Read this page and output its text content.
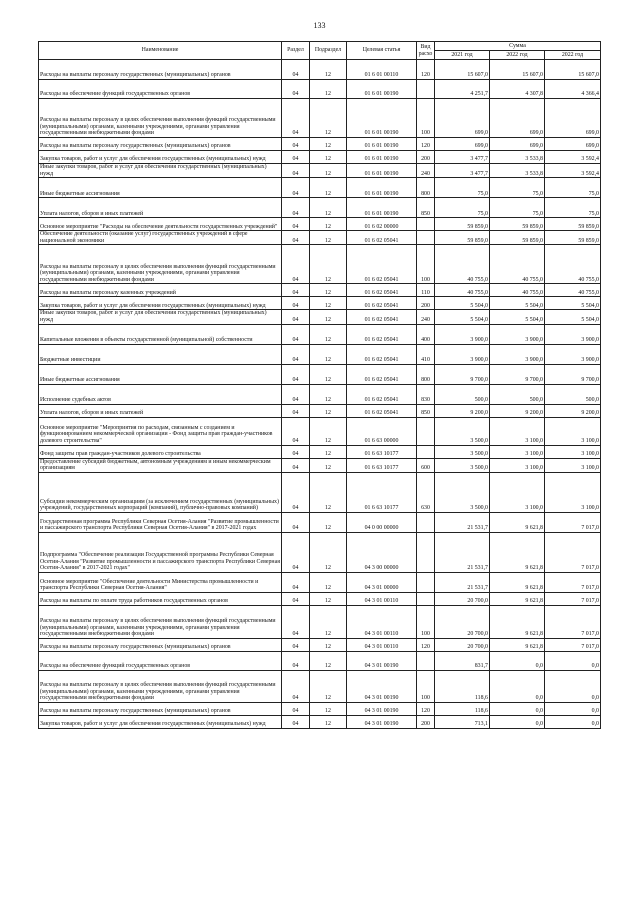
133
Наименование	Раздел	Подраздел	Целевая статья	Вид расхо	Сумма		
					2021 год	2022 год	2022 год
Расходы на выплаты персоналу государственных (муниципальных) органов	04	12	01 6 01 00110	120	15 607,0	15 607,0	15 607,0
Расходы на обеспечение функций государственных органов	04	12	01 6 01 00190		4 251,7	4 307,8	4 366,4
Расходы на выплаты персоналу в целях обеспечения выполнения функций государственными (муниципальными) органами, казенными учреждениями, органами управления государственными внебюджетными фондами	04	12	01 6 01 00190	100	699,0	699,0	699,0
Расходы на выплаты персоналу государственных (муниципальных) органов	04	12	01 6 01 00190	120	699,0	699,0	699,0
Закупка товаров, работ и услуг для обеспечения государственных (муниципальных) нужд	04	12	01 6 01 00190	200	3 477,7	3 533,8	3 592,4
Иные закупки товаров, работ и услуг для обеспечения государственных (муниципальных) нужд	04	12	01 6 01 00190	240	3 477,7	3 533,8	3 592,4
Иные бюджетные ассигнования	04	12	01 6 01 00190	800	75,0	75,0	75,0
Уплата налогов, сборов и иных платежей	04	12	01 6 01 00190	850	75,0	75,0	75,0
Основное мероприятие "Расходы на обеспечение деятельности государственных учреждений"	04	12	01 6 02 00000		59 859,0	59 859,0	59 859,0
Обеспечение деятельности (оказание услуг) государственных учреждений в сфере национальной экономики	04	12	01 6 02 05041		59 859,0	59 859,0	59 859,0
Расходы на выплаты персоналу в целях обеспечения выполнения функций государственными (муниципальными) органами, казенными учреждениями, органами управления государственными внебюджетными фондами	04	12	01 6 02 05041	100	40 755,0	40 755,0	40 755,0
Расходы на выплаты персоналу казенных учреждений	04	12	01 6 02 05041	110	40 755,0	40 755,0	40 755,0
Закупка товаров, работ и услуг для обеспечения государственных (муниципальных) нужд	04	12	01 6 02 05041	200	5 504,0	5 504,0	5 504,0
Иные закупки товаров, работ и услуг для обеспечения государственных (муниципальных) нужд	04	12	01 6 02 05041	240	5 504,0	5 504,0	5 504,0
Капитальные вложения в объекты государственной (муниципальной) собственности	04	12	01 6 02 05041	400	3 900,0	3 900,0	3 900,0
Бюджетные инвестиции	04	12	01 6 02 05041	410	3 900,0	3 900,0	3 900,0
Иные бюджетные ассигнования	04	12	01 6 02 05041	800	9 700,0	9 700,0	9 700,0
Исполнение судебных актов	04	12	01 6 02 05041	830	500,0	500,0	500,0
Уплата налогов, сборов и иных платежей	04	12	01 6 02 05041	850	9 200,0	9 200,0	9 200,0
Основное мероприятие "Мероприятия по расходам, связанным с созданием и функционированием некоммерческой организации - Фонд защиты прав граждан-участников долевого строительства"	04	12	01 6 63 00000		3 500,0	3 100,0	3 100,0
Фонд защиты прав граждан-участников долевого строительства	04	12	01 6 63 10177		3 500,0	3 100,0	3 100,0
Предоставление субсидий бюджетным, автономным учреждениям и иным некоммерческим организациям	04	12	01 6 63 10177	600	3 500,0	3 100,0	3 100,0
Субсидии некоммерческим организациям (за исключением государственных (муниципальных) учреждений, государственных корпораций (компаний), публично-правовых компаний)	04	12	01 6 63 10177	630	3 500,0	3 100,0	3 100,0
Государственная программа Республики Северная Осетия-Алания "Развитие промышленности и пассажирского транспорта Республики Северная Осетия-Алания" в 2017-2021 годах	04	12	04 0 00 00000		21 531,7	9 621,8	7 017,0
Подпрограмма "Обеспечение реализации Государственной программы Республики Северная Осетия-Алания "Развитие промышленности и пассажирского транспорта Республики Северная Осетия-Алания" в 2017-2021 годах"	04	12	04 3 00 00000		21 531,7	9 621,8	7 017,0
Основное мероприятие "Обеспечение деятельности Министерства промышленности и транспорта Республики Северная Осетия-Алания"	04	12	04 3 01 00000		21 531,7	9 621,8	7 017,0
Расходы на выплаты по оплате труда работников государственных органов	04	12	04 3 01 00110		20 700,0	9 621,8	7 017,0
Расходы на выплаты персоналу в целях обеспечения выполнения функций государственными (муниципальными) органами, казенными учреждениями, органами управления государственными внебюджетными фондами	04	12	04 3 01 00110	100	20 700,0	9 621,8	7 017,0
Расходы на выплаты персоналу государственных (муниципальных) органов	04	12	04 3 01 00110	120	20 700,0	9 621,8	7 017,0
Расходы на обеспечение функций государственных органов	04	12	04 3 01 00190		831,7	0,0	0,0
Расходы на выплаты персоналу в целях обеспечения выполнения функций государственными (муниципальными) органами, казенными учреждениями, органами управления государственными внебюджетными фондами	04	12	04 3 01 00190	100	118,6	0,0	0,0
Расходы на выплаты персоналу государственных (муниципальных) органов	04	12	04 3 01 00190	120	118,6	0,0	0,0
Закупка товаров, работ и услуг для обеспечения государственных (муниципальных) нужд	04	12	04 3 01 00190	200	713,1	0,0	0,0
